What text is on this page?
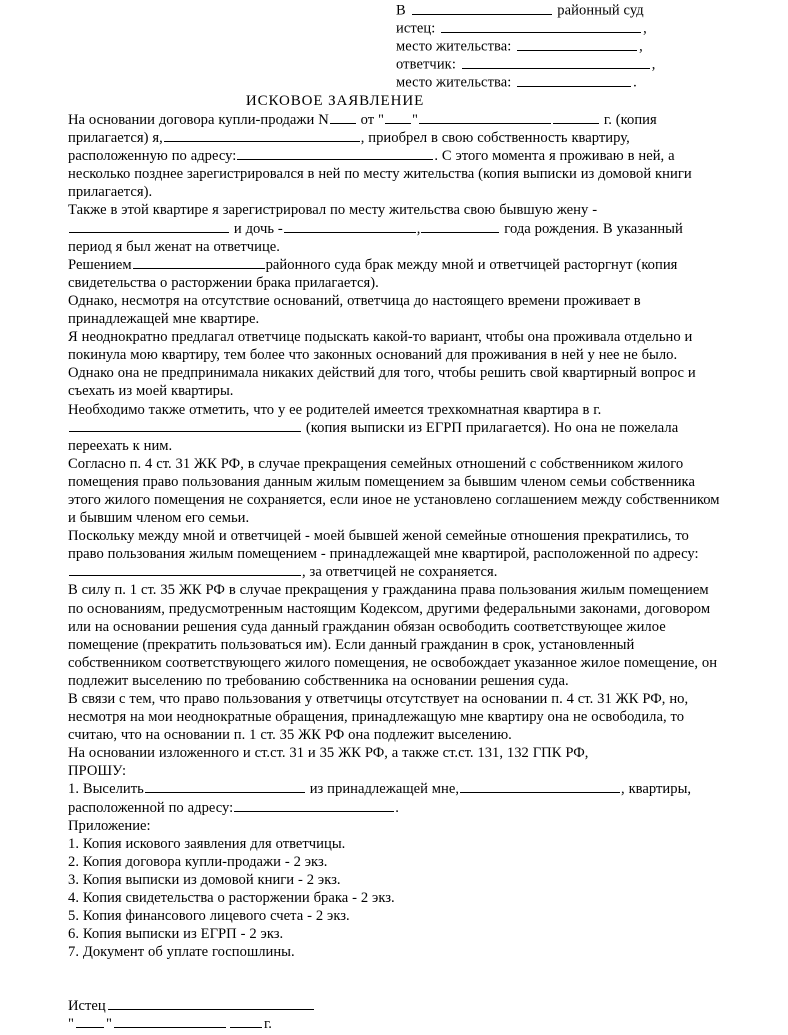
В	районный суд
истец:	,
место жительства:	,
ответчик:	,
место жительства:	.
ИСКОВОЕ ЗАЯВЛЕНИЕ

На основании договора купли-продажи N от " "	г. (копия прилагается) я,	, приобрел в свою собственность квартиру, расположенную по адресу:	. С этого момента я проживаю в ней, а несколько позднее зарегистрировался в ней по месту жительства (копия выписки из домовой книги прилагается).

Также в этой квартире я зарегистрировал по месту жительства свою бывшую жену -
и дочь -	,	года рождения. В указанный период я был женат на ответчице.

Решением	районного суда брак между мной и ответчицей расторгнут (копия свидетельства о расторжении брака прилагается).

Однако, несмотря на отсутствие оснований, ответчица до настоящего времени проживает в принадлежащей мне квартире.

Я неоднократно предлагал ответчице подыскать какой-то вариант, чтобы она проживала отдельно и покинула мою квартиру, тем более что законных оснований для проживания в ней у нее не было. Однако она не предпринимала никаких действий для того, чтобы решить свой квартирный вопрос и съехать из моей квартиры.

Необходимо также отметить, что у ее родителей имеется трехкомнатная квартира в г.
(копия выписки из ЕГРП прилагается). Но она не пожелала переехать к ним.

Согласно п. 4 ст. 31 ЖК РФ, в случае прекращения семейных отношений с собственником жилого помещения право пользования данным жилым помещением за бывшим членом семьи собственника этого жилого помещения не сохраняется, если иное не установлено соглашением между собственником и бывшим членом его семьи.

Поскольку между мной и ответчицей - моей бывшей женой семейные отношения прекратились, то право пользования жилым помещением - принадлежащей мне квартирой, расположенной по адресу:, за ответчицей не сохраняется.

В силу п. 1 ст. 35 ЖК РФ в случае прекращения у гражданина права пользования жилым помещением по основаниям, предусмотренным настоящим Кодексом, другими федеральными законами, договором или на основании решения суда данный гражданин обязан освободить соответствующее жилое помещение (прекратить пользоваться им). Если данный гражданин в срок, установленный собственником соответствующего жилого помещения, не освобождает указанное жилое помещение, он подлежит выселению по требованию собственника на основании решения суда.

В связи с тем, что право пользования у ответчицы отсутствует на основании п. 4 ст. 31 ЖК РФ, но, несмотря на мои неоднократные обращения, принадлежащую мне квартиру она не освободила, то считаю, что на основании п. 1 ст. 35 ЖК РФ она подлежит выселению.

На основании изложенного и ст.ст. 31 и 35 ЖК РФ, а также ст.ст. 131, 132 ГПК РФ,

ПРОШУ:

1. Выселить	из принадлежащей мне,	, квартиры, расположенной по адресу:	.

Приложение:

1. Копия искового заявления для ответчицы.

2. Копия договора купли-продажи - 2 экз.

3. Копия выписки из домовой книги - 2 экз.

4. Копия свидетельства о расторжении брака - 2 экз.

5. Копия финансового лицевого счета - 2 экз.

6. Копия выписки из ЕГРП - 2 экз.

7. Документ об уплате госпошлины.

Истец
" "	г.
